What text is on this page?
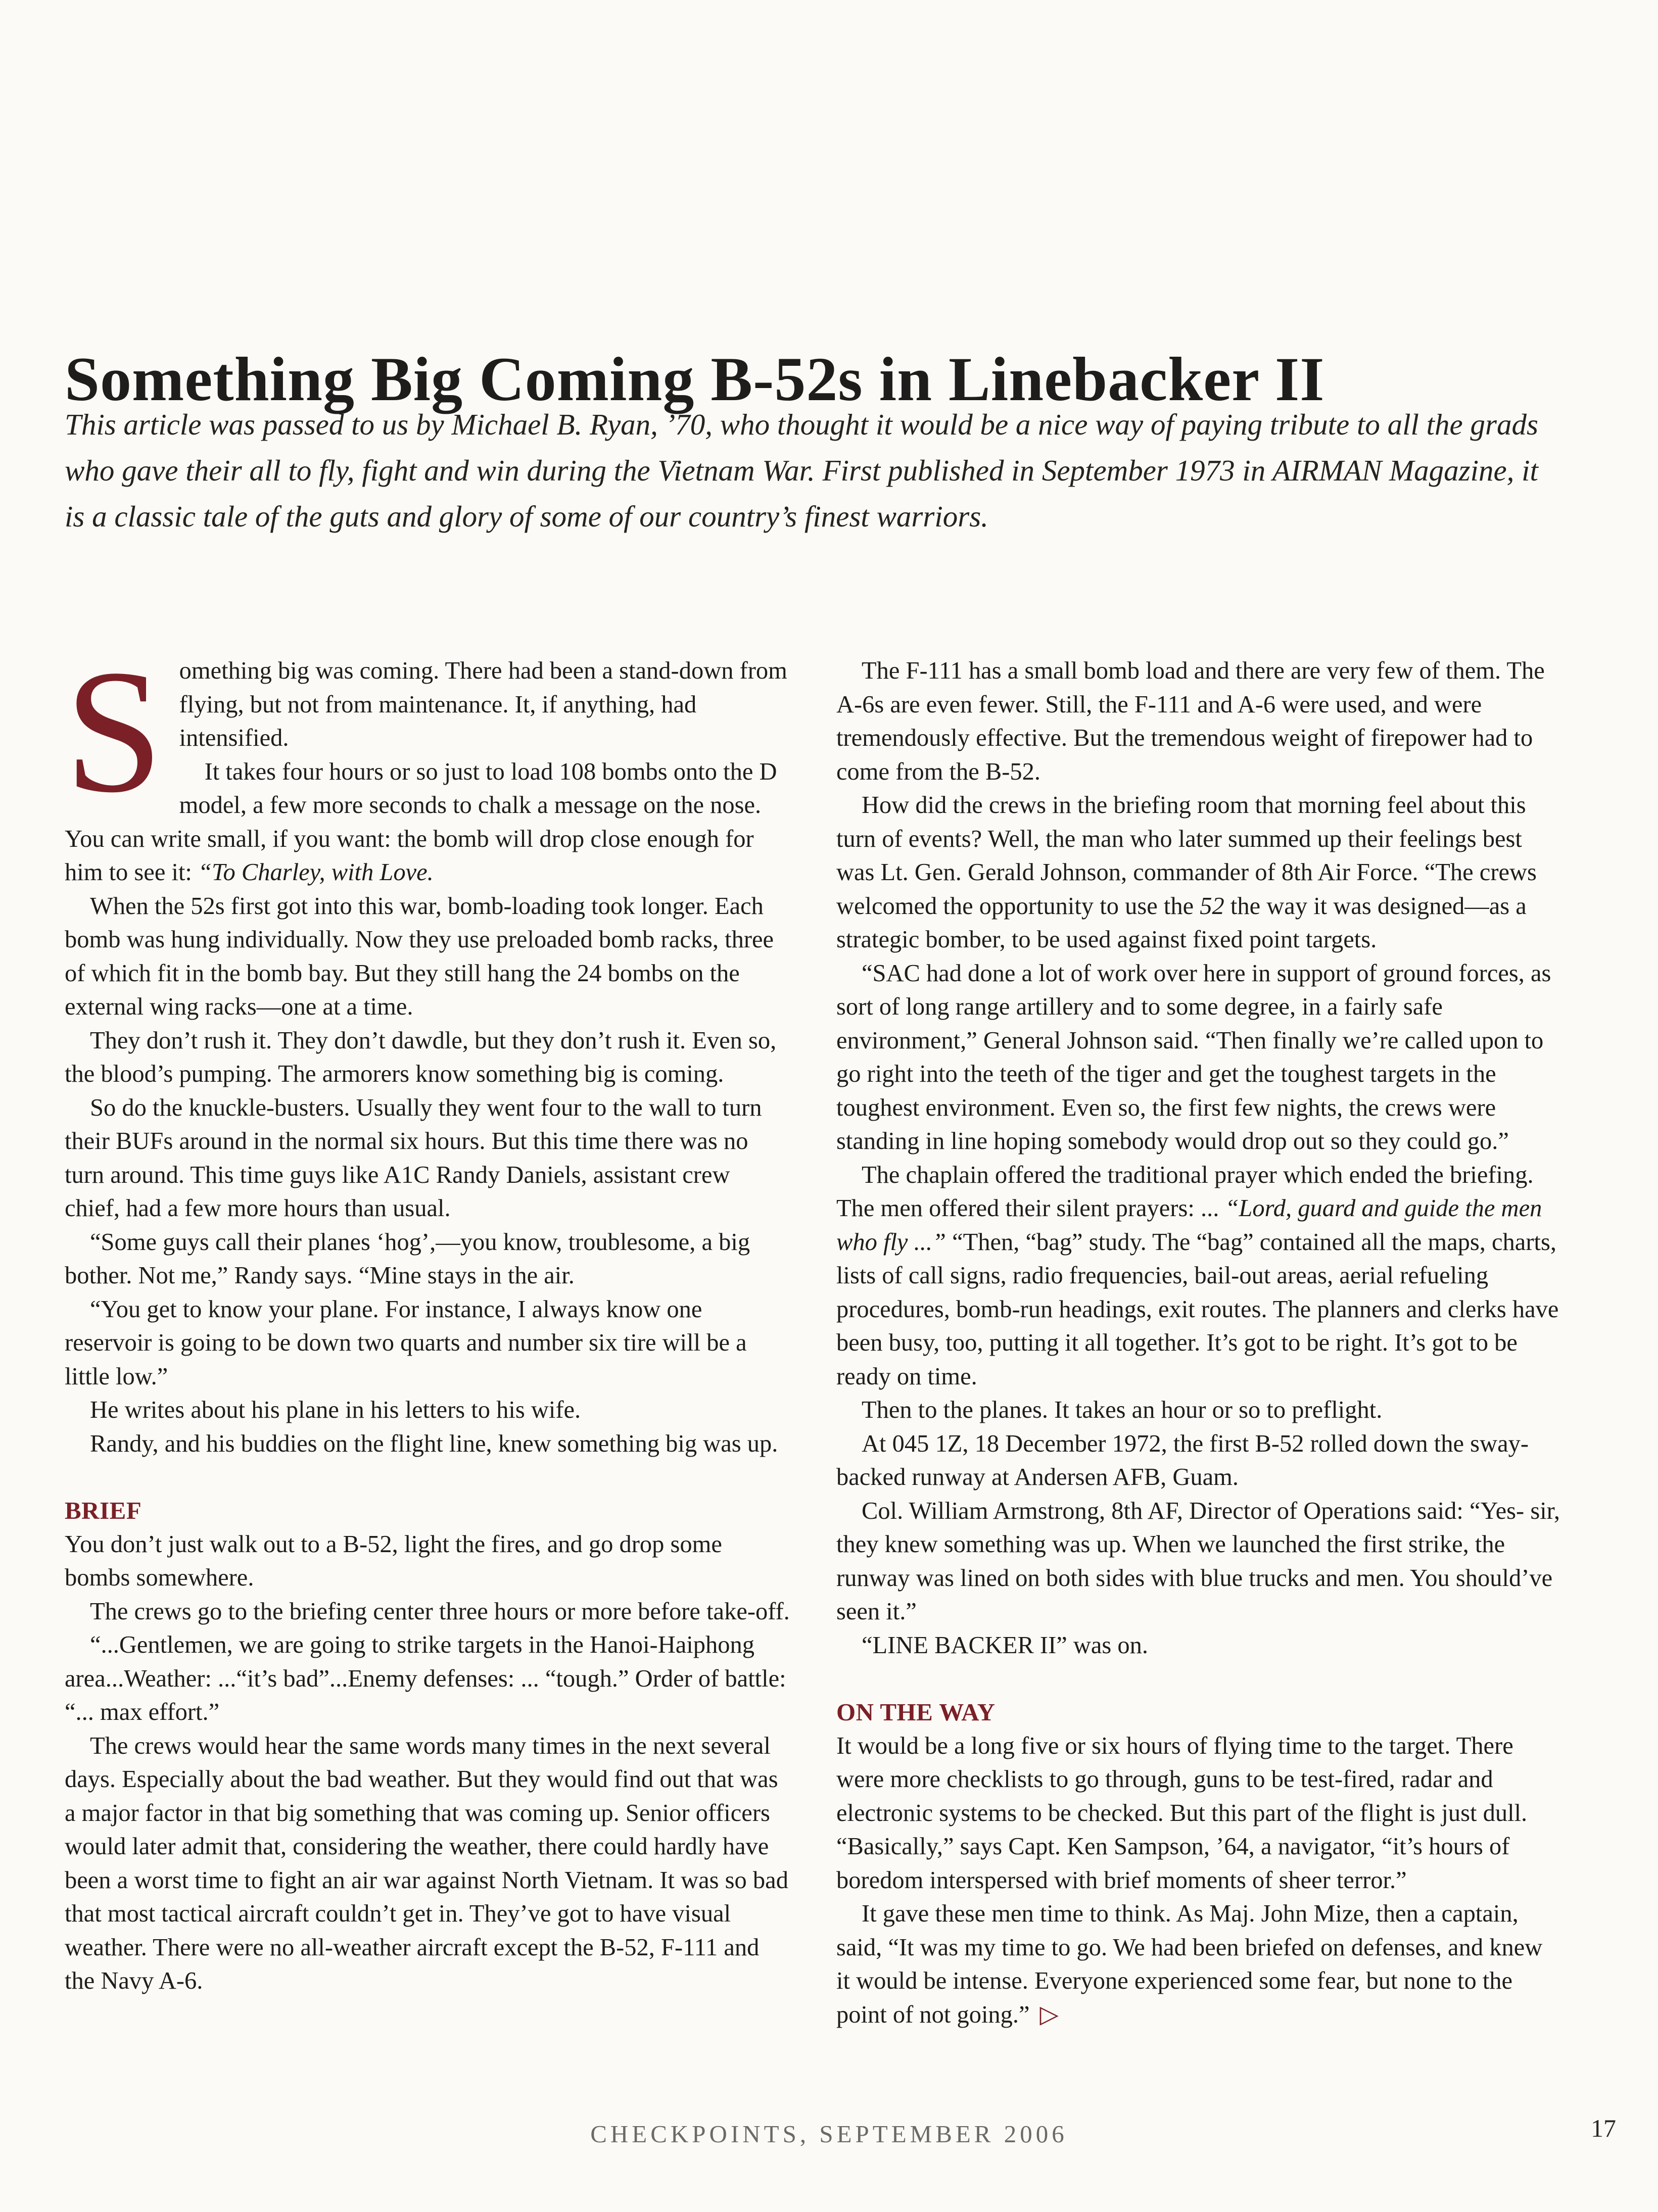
Something Big Coming B-52s in Linebacker II
This article was passed to us by Michael B. Ryan, ’70, who thought it would be a nice way of paying tribute to all the grads who gave their all to fly, fight and win during the Vietnam War. First published in September 1973 in AIRMAN Magazine, it is a classic tale of the guts and glory of some of our country’s finest warriors.

Something big was coming. There had been a stand-down from flying, but not from maintenance. It, if anything, had intensified.

It takes four hours or so just to load 108 bombs onto the D model, a few more seconds to chalk a message on the nose. You can write small, if you want: the bomb will drop close enough for him to see it: “To Charley, with Love.

When the 52s first got into this war, bomb-loading took longer. Each bomb was hung individually. Now they use preloaded bomb racks, three of which fit in the bomb bay. But they still hang the 24 bombs on the external wing racks—one at a time.

They don’t rush it. They don’t dawdle, but they don’t rush it. Even so, the blood’s pumping. The armorers know something big is coming.

So do the knuckle-busters. Usually they went four to the wall to turn their BUFs around in the normal six hours. But this time there was no turn around. This time guys like A1C Randy Daniels, assistant crew chief, had a few more hours than usual.

“Some guys call their planes ‘hog’,—you know, troublesome, a big bother. Not me,” Randy says. “Mine stays in the air.

“You get to know your plane. For instance, I always know one reservoir is going to be down two quarts and number six tire will be a little low.”

He writes about his plane in his letters to his wife.

Randy, and his buddies on the flight line, knew something big was up.

BRIEF

You don’t just walk out to a B-52, light the fires, and go drop some bombs somewhere.

The crews go to the briefing center three hours or more before take-off.

“...Gentlemen, we are going to strike targets in the Hanoi-Haiphong area...Weather: ...“it’s bad”...Enemy defenses: ... “tough.” Order of battle: “... max effort.”

The crews would hear the same words many times in the next several days. Especially about the bad weather. But they would find out that was a major factor in that big something that was coming up. Senior officers would later admit that, considering the weather, there could hardly have been a worst time to fight an air war against North Vietnam. It was so bad that most tactical aircraft couldn’t get in. They’ve got to have visual weather. There were no all-weather aircraft except the B-52, F-111 and the Navy A-6.

The F-111 has a small bomb load and there are very few of them. The A-6s are even fewer. Still, the F-111 and A-6 were used, and were tremendously effective. But the tremendous weight of firepower had to come from the B-52.

How did the crews in the briefing room that morning feel about this turn of events? Well, the man who later summed up their feelings best was Lt. Gen. Gerald Johnson, commander of 8th Air Force. “The crews welcomed the opportunity to use the 52 the way it was designed—as a strategic bomber, to be used against fixed point targets.

“SAC had done a lot of work over here in support of ground forces, as sort of long range artillery and to some degree, in a fairly safe environment,” General Johnson said. “Then finally we’re called upon to go right into the teeth of the tiger and get the toughest targets in the toughest environment. Even so, the first few nights, the crews were standing in line hoping somebody would drop out so they could go.”

The chaplain offered the traditional prayer which ended the briefing. The men offered their silent prayers: ... “Lord, guard and guide the men who fly ...” “Then, “bag” study. The “bag” contained all the maps, charts, lists of call signs, radio frequencies, bail-out areas, aerial refueling procedures, bomb-run headings, exit routes. The planners and clerks have been busy, too, putting it all together. It’s got to be right. It’s got to be ready on time.

Then to the planes. It takes an hour or so to preflight.

At 045 1Z, 18 December 1972, the first B-52 rolled down the sway- backed runway at Andersen AFB, Guam.

Col. William Armstrong, 8th AF, Director of Operations said: “Yes- sir, they knew something was up. When we launched the first strike, the runway was lined on both sides with blue trucks and men. You should’ve seen it.”

“LINE BACKER II” was on.

ON THE WAY

It would be a long five or six hours of flying time to the target. There were more checklists to go through, guns to be test-fired, radar and electronic systems to be checked. But this part of the flight is just dull. “Basically,” says Capt. Ken Sampson, ’64, a navigator, “it’s hours of boredom interspersed with brief moments of sheer terror.”

It gave these men time to think. As Maj. John Mize, then a captain, said, “It was my time to go. We had been briefed on defenses, and knew it would be intense. Everyone experienced some fear, but none to the point of not going.” ▷

CHECKPOINTS, SEPTEMBER 2006	17
